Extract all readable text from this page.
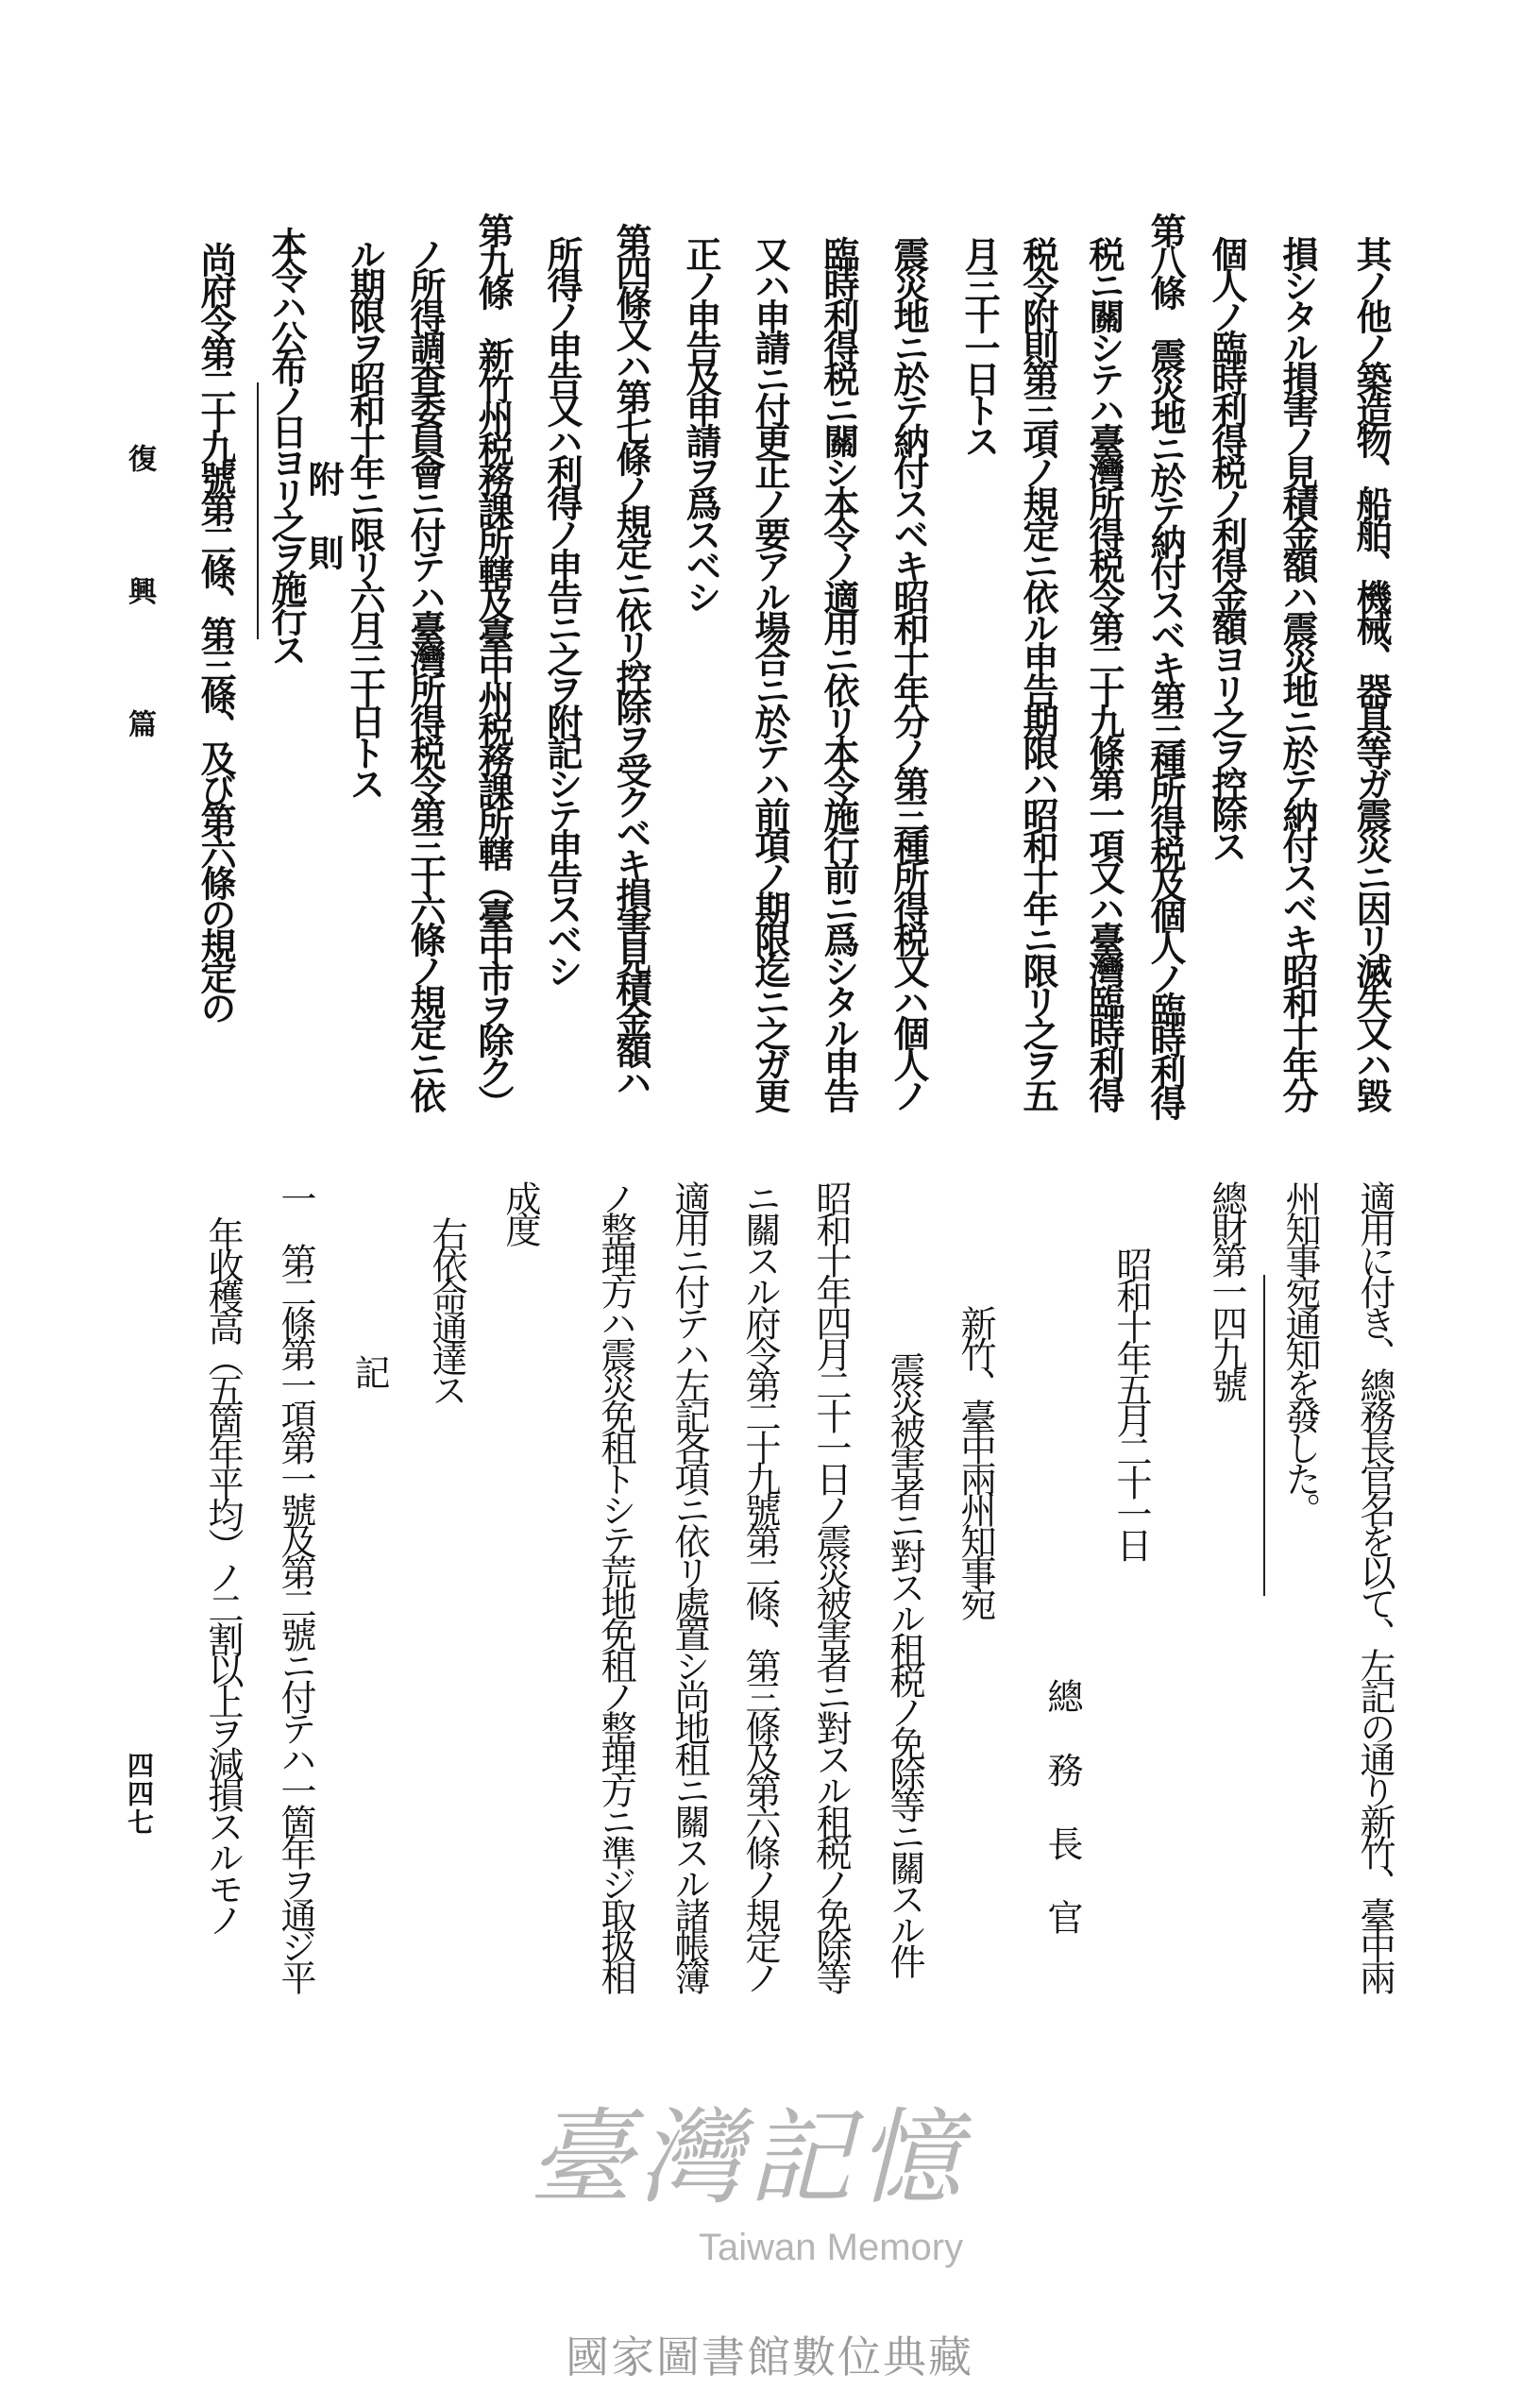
其ノ他ノ築造物、船舶、機械、器具等ガ震災ニ因リ滅失又ハ毀
損シタル損害ノ見積金額ハ震災地ニ於テ納付スベキ昭和十年分
個人ノ臨時利得税ノ利得金額ヨリ之ヲ控除ス
第八條　震災地ニ於テ納付スベキ第三種所得税及個人ノ臨時利得
税ニ關シテハ臺灣所得税令第二十九條第一項又ハ臺灣臨時利得
税令附則第三項ノ規定ニ依ル申告期限ハ昭和十年ニ限リ之ヲ五
月三十一日トス
震災地ニ於テ納付スベキ昭和十年分ノ第三種所得税又ハ個人ノ
臨時利得税ニ關シ本令ノ適用ニ依リ本令施行前ニ爲シタル申告
又ハ申請ニ付更正ノ要アル場合ニ於テハ前項ノ期限迄ニ之ガ更
正ノ申告及申請ヲ爲スベシ
第四條又ハ第七條ノ規定ニ依リ控除ヲ受クベキ損害見積金額ハ
所得ノ申告又ハ利得ノ申告ニ之ヲ附記シテ申告スベシ
第九條　新竹州税務課所轄及臺中州税務課所轄（臺中市ヲ除ク）
ノ所得調査委員會ニ付テハ臺灣所得税令第三十六條ノ規定ニ依
ル期限ヲ昭和十年ニ限リ六月三十日トス
附則
本令ハ公布ノ日ヨリ之ヲ施行ス
尚府令第二十九號第二條、第三條、及び第六條の規定の
適用に付き、總務長官名を以て、左記の通り新竹、臺中兩
州知事宛通知を發した。
總財第一四九號
昭和十年五月二十一日
總務長官
新竹、臺中兩州知事宛
震災被害者ニ對スル租税ノ免除等ニ關スル件
昭和十年四月二十一日ノ震災被害者ニ對スル租税ノ免除等
ニ關スル府令第二十九號第二條、第三條及第六條ノ規定ノ
適用ニ付テハ左記各項ニ依リ處置シ尚地租ニ關スル諸帳簿
ノ整理方ハ震災免租トシテ荒地免租ノ整理方ニ準ジ取扱相
成度
右依命通達ス
記
一　第二條第一項第一號及第二號ニ付テハ一箇年ヲ通ジ平
年收穫高（五箇年平均）ノ二割以上ヲ減損スルモノ
復 興 篇
四四七
臺灣記憶
Taiwan Memory
國家圖書館數位典藏
